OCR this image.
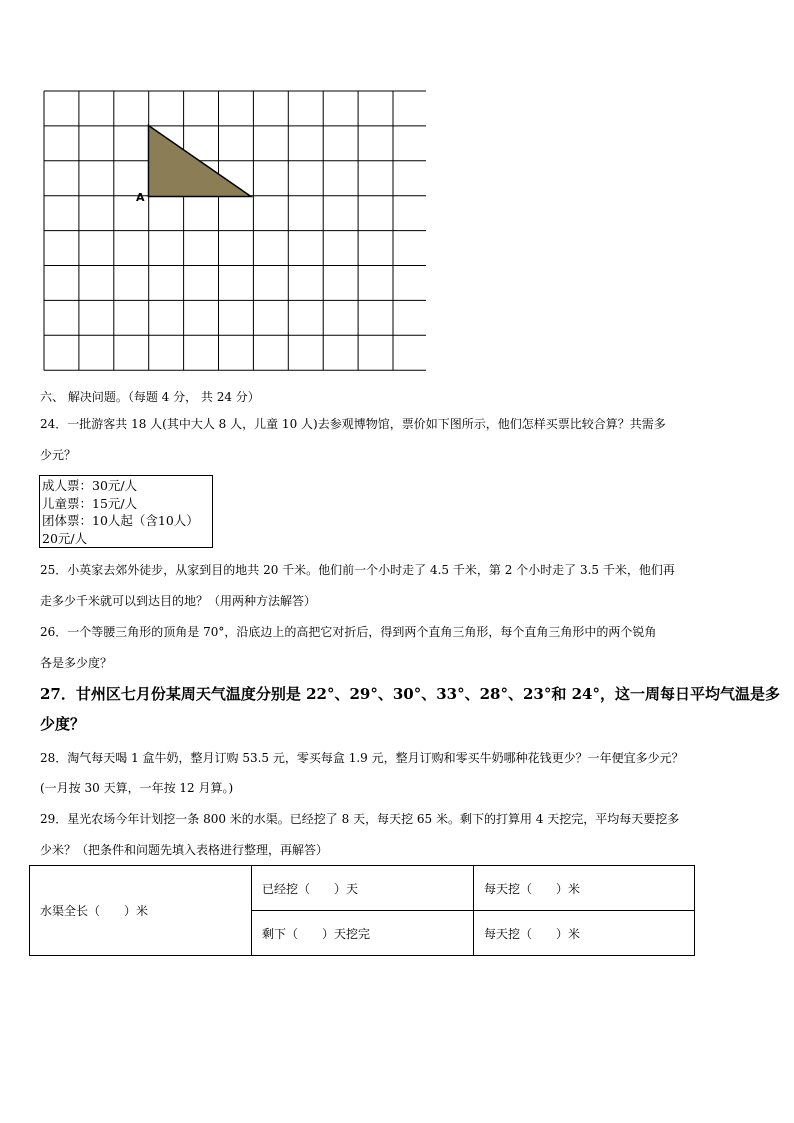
A
六、 解决问题。（每题 4 分， 共 24 分）
24．一批游客共 18 人(其中大人 8 人，儿童 10 人)去参观博物馆，票价如下图所示，他们怎样买票比较合算？共需多
少元？
成人票：30元/人
儿童票：15元/人
团体票：10人起（含10人）
20元/人
25．小英家去郊外徒步，从家到目的地共 20 千米。他们前一个小时走了 4.5 千米，第 2 个小时走了 3.5 千米，他们再
走多少千米就可以到达目的地？（用两种方法解答）
26．一个等腰三角形的顶角是 70°，沿底边上的高把它对折后，得到两个直角三角形，每个直角三角形中的两个锐角
各是多少度？
27．甘州区七月份某周天气温度分别是 22°、29°、30°、33°、28°、23°和 24°，这一周每日平均气温是多
少度？
28．淘气每天喝 1 盒牛奶，整月订购 53.5 元，零买每盒 1.9 元，整月订购和零买牛奶哪种花钱更少？一年便宜多少元？
(一月按 30 天算，一年按 12 月算。)
29．星光农场今年计划挖一条 800 米的水渠。已经挖了 8 天，每天挖 65 米。剩下的打算用 4 天挖完，平均每天要挖多
少米？（把条件和问题先填入表格进行整理，再解答）
水渠全长（　　）米	已经挖（　　）天	每天挖（　　）米
	剩下（　　）天挖完	每天挖（　　）米
